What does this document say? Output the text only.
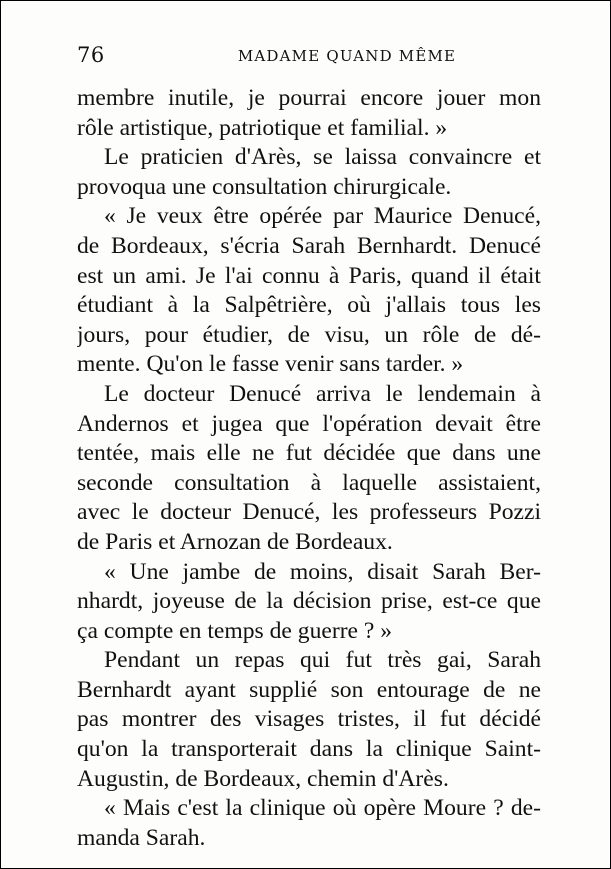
76	MADAME QUAND MÊME
membre inutile, je pourrai encore jouer mon
rôle artistique, patriotique et familial. »
Le praticien d'Arès, se laissa convaincre et
provoqua une consultation chirurgicale.
« Je veux être opérée par Maurice Denucé,
de Bordeaux, s'écria Sarah Bernhardt. Denucé
est un ami. Je l'ai connu à Paris, quand il était
étudiant à la Salpêtrière, où j'allais tous les
jours, pour étudier, de visu, un rôle de dé-
mente. Qu'on le fasse venir sans tarder. »
Le docteur Denucé arriva le lendemain à
Andernos et jugea que l'opération devait être
tentée, mais elle ne fut décidée que dans une
seconde consultation à laquelle assistaient,
avec le docteur Denucé, les professeurs Pozzi
de Paris et Arnozan de Bordeaux.
« Une jambe de moins, disait Sarah Ber-
nhardt, joyeuse de la décision prise, est-ce que
ça compte en temps de guerre ? »
Pendant un repas qui fut très gai, Sarah
Bernhardt ayant supplié son entourage de ne
pas montrer des visages tristes, il fut décidé
qu'on la transporterait dans la clinique Saint-
Augustin, de Bordeaux, chemin d'Arès.
« Mais c'est la clinique où opère Moure ? de-
manda Sarah.
